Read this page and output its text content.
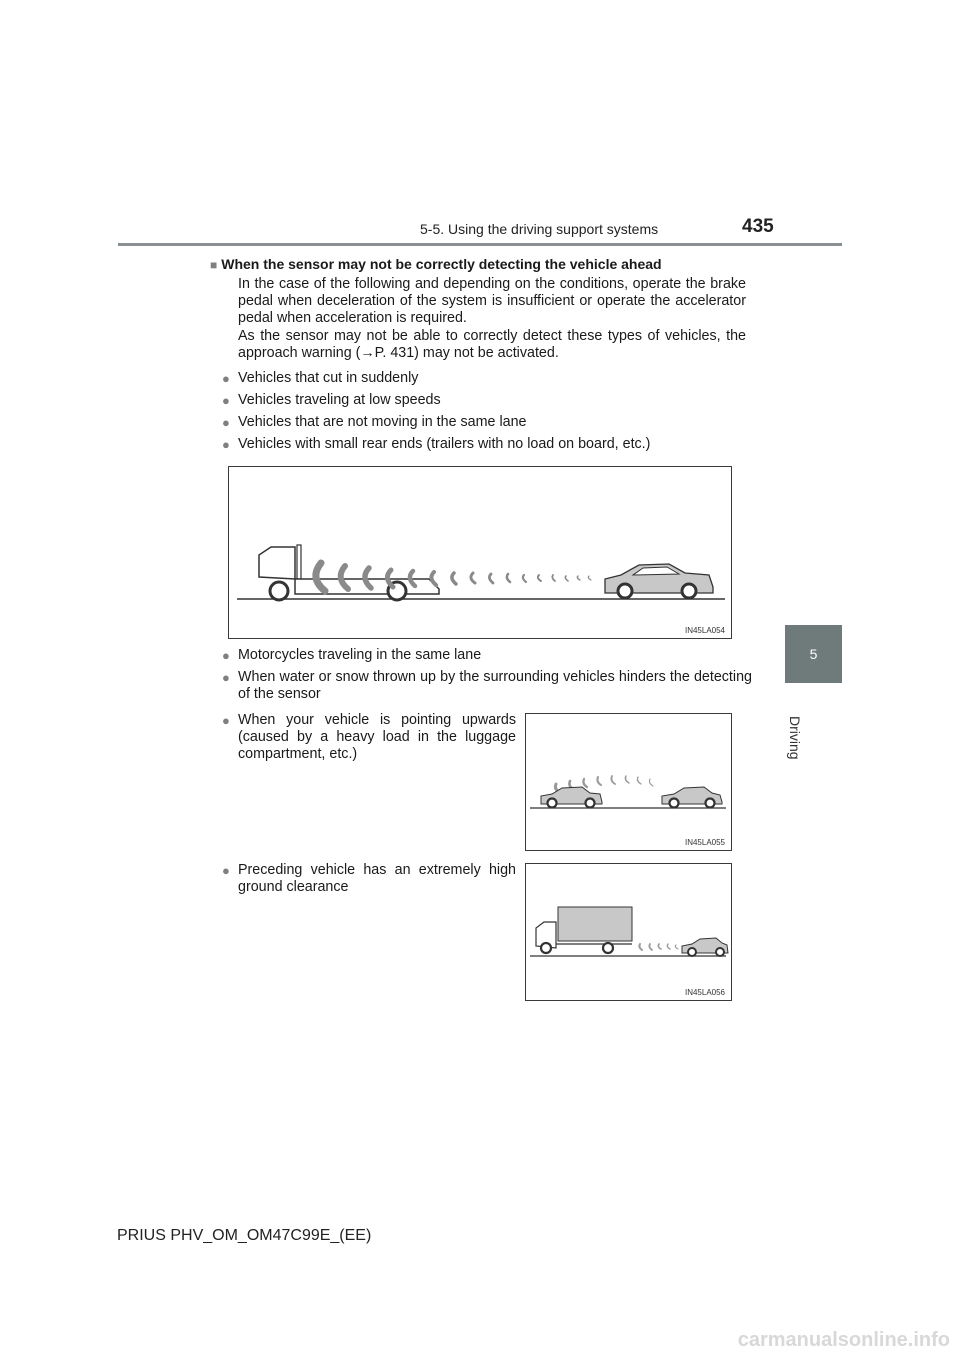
5-5. Using the driving support systems	435
5
Driving
■ When the sensor may not be correctly detecting the vehicle ahead

In the case of the following and depending on the conditions, operate the brake pedal when deceleration of the system is insufficient or operate the accelerator pedal when acceleration is required.

As the sensor may not be able to correctly detect these types of vehicles, the approach warning (→P. 431) may not be activated.

● Vehicles that cut in suddenly
● Vehicles traveling at low speeds
● Vehicles that are not moving in the same lane
● Vehicles with small rear ends (trailers with no load on board, etc.)
IN45LA054
● Motorcycles traveling in the same lane
● When water or snow thrown up by the surrounding vehicles hinders the detecting of the sensor
● When your vehicle is pointing upwards (caused by a heavy load in the luggage compartment, etc.)
IN45LA055
● Preceding vehicle has an extremely high ground clearance
IN45LA056
PRIUS PHV_OM_OM47C99E_(EE)
carmanualsonline.info
